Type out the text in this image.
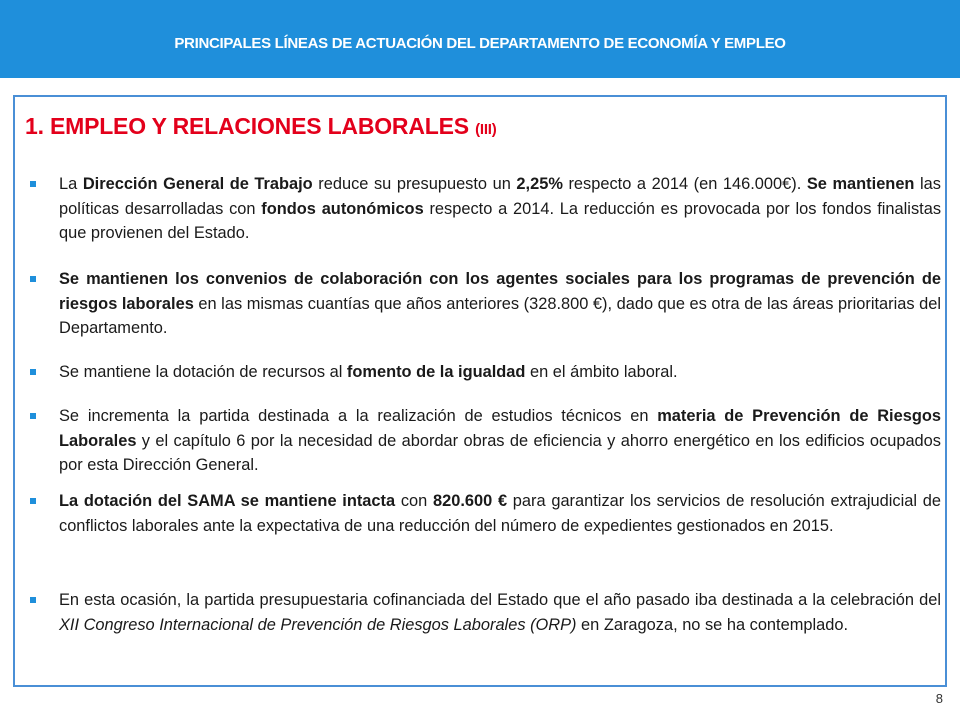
PRINCIPALES LÍNEAS DE ACTUACIÓN DEL DEPARTAMENTO DE ECONOMÍA Y EMPLEO
1. EMPLEO Y RELACIONES LABORALES (III)
La Dirección General de Trabajo reduce su presupuesto un 2,25% respecto a 2014 (en 146.000€). Se mantienen las políticas desarrolladas con fondos autonómicos respecto a 2014. La reducción es provocada por los fondos finalistas que provienen del Estado.
Se mantienen los convenios de colaboración con los agentes sociales para los programas de prevención de riesgos laborales en las mismas cuantías que años anteriores (328.800 €), dado que es otra de las áreas prioritarias del Departamento.
Se mantiene la dotación de recursos al fomento de la igualdad en el ámbito laboral.
Se incrementa la partida destinada a la realización de estudios técnicos en materia de Prevención de Riesgos Laborales y el capítulo 6 por la necesidad de abordar obras de eficiencia y ahorro energético en los edificios ocupados por esta Dirección General.
La dotación del SAMA se mantiene intacta con 820.600 € para garantizar los servicios de resolución extrajudicial de conflictos laborales ante la expectativa de una reducción del número de expedientes gestionados en 2015.
En esta ocasión, la partida presupuestaria cofinanciada del Estado que el año pasado iba destinada a la celebración del XII Congreso Internacional de Prevención de Riesgos Laborales (ORP) en Zaragoza, no se ha contemplado.
8
